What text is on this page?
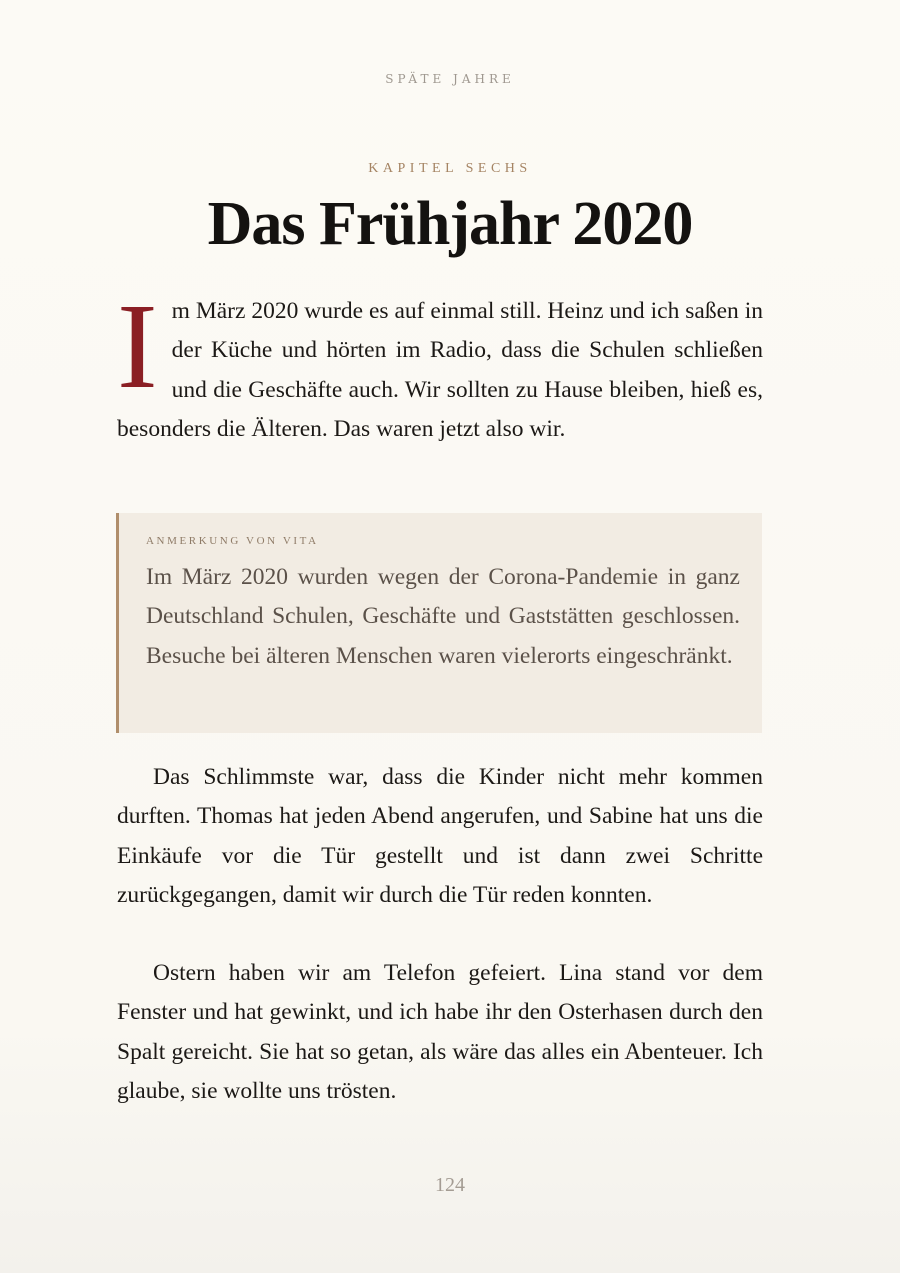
SPÄTE JAHRE
KAPITEL SECHS
Das Frühjahr 2020
Im März 2020 wurde es auf einmal still. Heinz und ich saßen in der Küche und hörten im Radio, dass die Schulen schließen und die Geschäfte auch. Wir sollten zu Hause bleiben, hieß es, besonders die Älteren. Das waren jetzt also wir.
ANMERKUNG VON VITA
Im März 2020 wurden wegen der Corona-Pandemie in ganz Deutschland Schulen, Geschäfte und Gaststätten geschlossen. Besuche bei älteren Menschen waren vielerorts eingeschränkt.
Das Schlimmste war, dass die Kinder nicht mehr kommen durften. Thomas hat jeden Abend angerufen, und Sabine hat uns die Einkäufe vor die Tür gestellt und ist dann zwei Schritte zurückgegangen, damit wir durch die Tür reden konnten.
Ostern haben wir am Telefon gefeiert. Lina stand vor dem Fenster und hat gewinkt, und ich habe ihr den Osterhasen durch den Spalt gereicht. Sie hat so getan, als wäre das alles ein Abenteuer. Ich glaube, sie wollte uns trösten.
124
